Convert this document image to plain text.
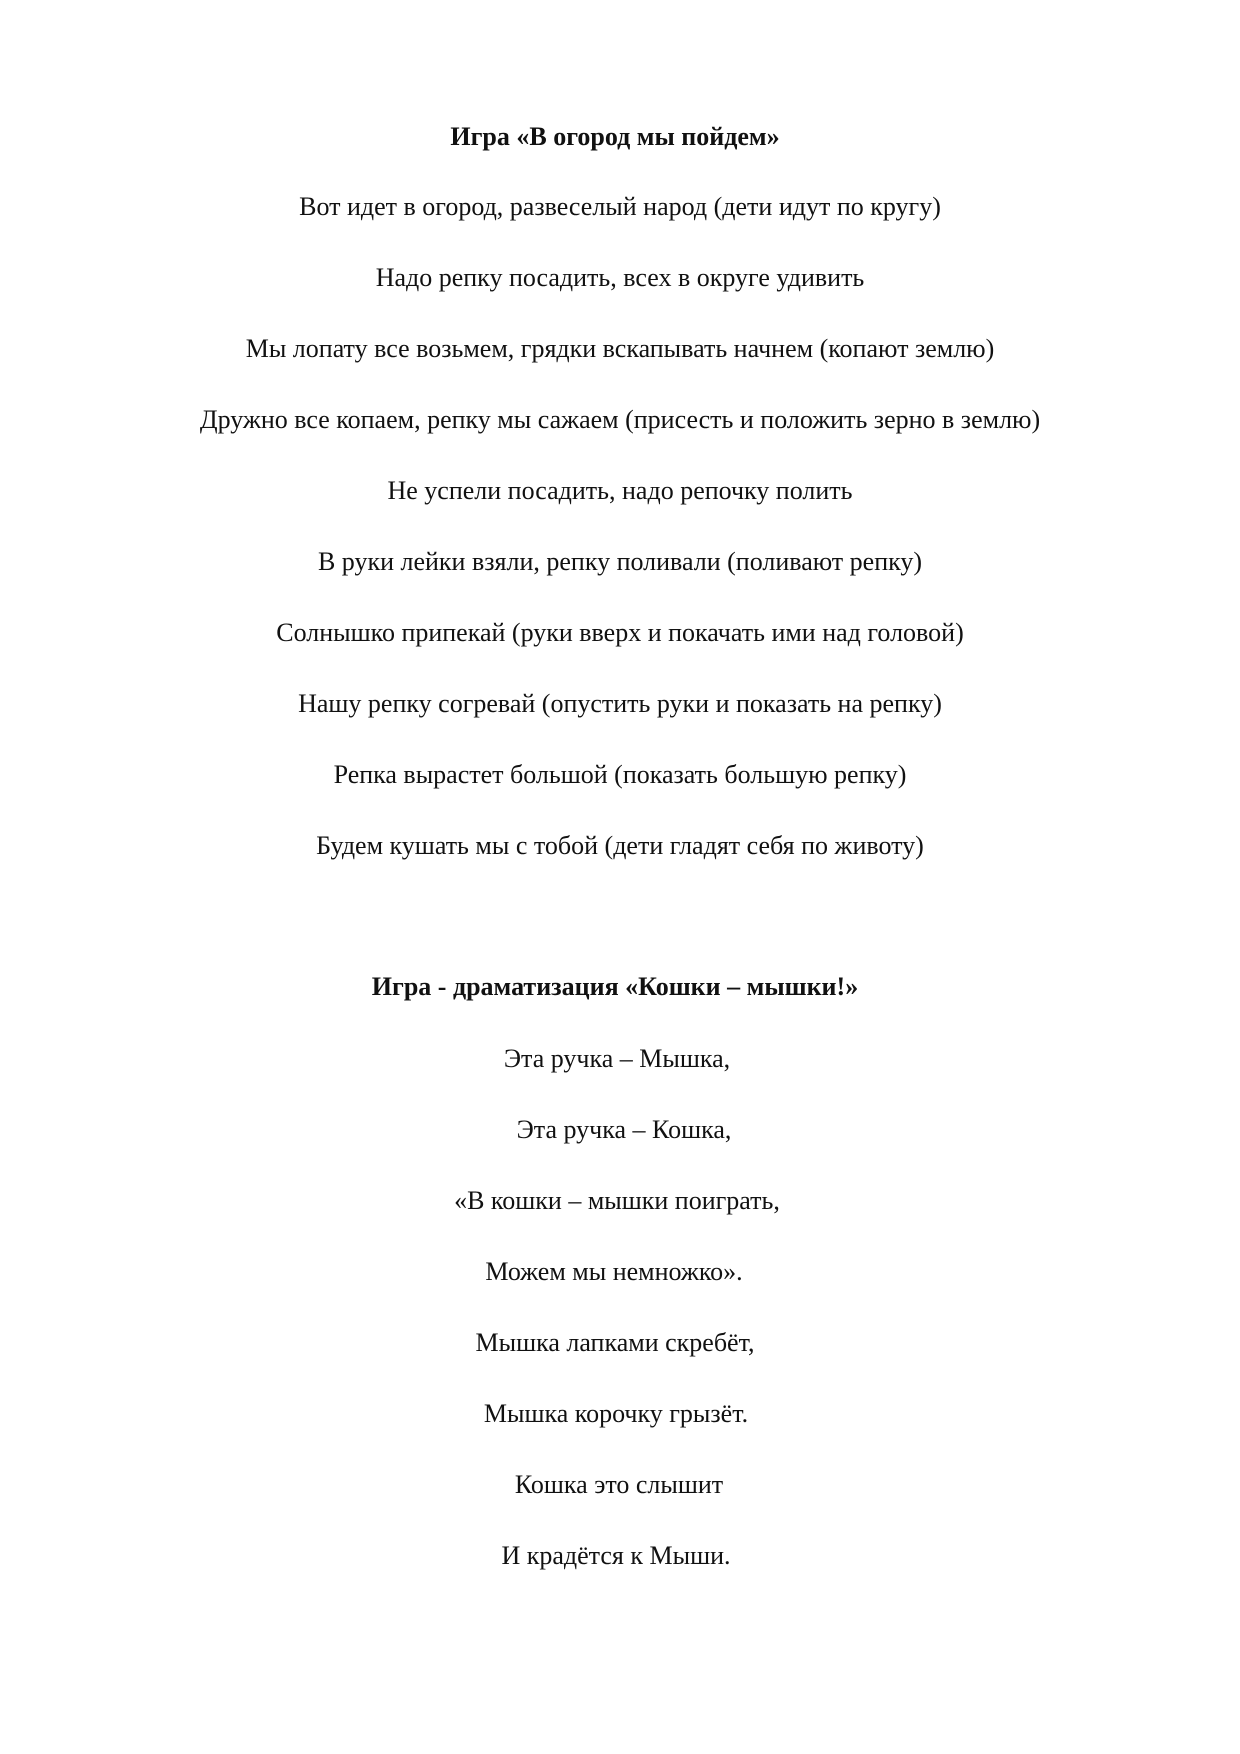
Игра «В огород мы пойдем»
Вот идет в огород, развеселый народ (дети идут по кругу)
Надо репку посадить, всех в округе удивить
Мы лопату все возьмем, грядки вскапывать начнем (копают землю)
Дружно все копаем, репку мы сажаем (присесть и положить зерно в землю)
Не успели посадить, надо репочку полить
В руки лейки взяли, репку поливали (поливают репку)
Солнышко припекай (руки вверх и покачать ими над головой)
Нашу репку согревай (опустить руки и показать на репку)
Репка вырастет большой (показать большую репку)
Будем кушать мы с тобой (дети гладят себя по животу)
Игра - драматизация «Кошки – мышки!»
Эта ручка – Мышка,
Эта ручка – Кошка,
«В кошки – мышки поиграть,
Можем мы немножко».
Мышка лапками скребёт,
Мышка корочку грызёт.
Кошка это слышит
И крадётся к Мыши.
